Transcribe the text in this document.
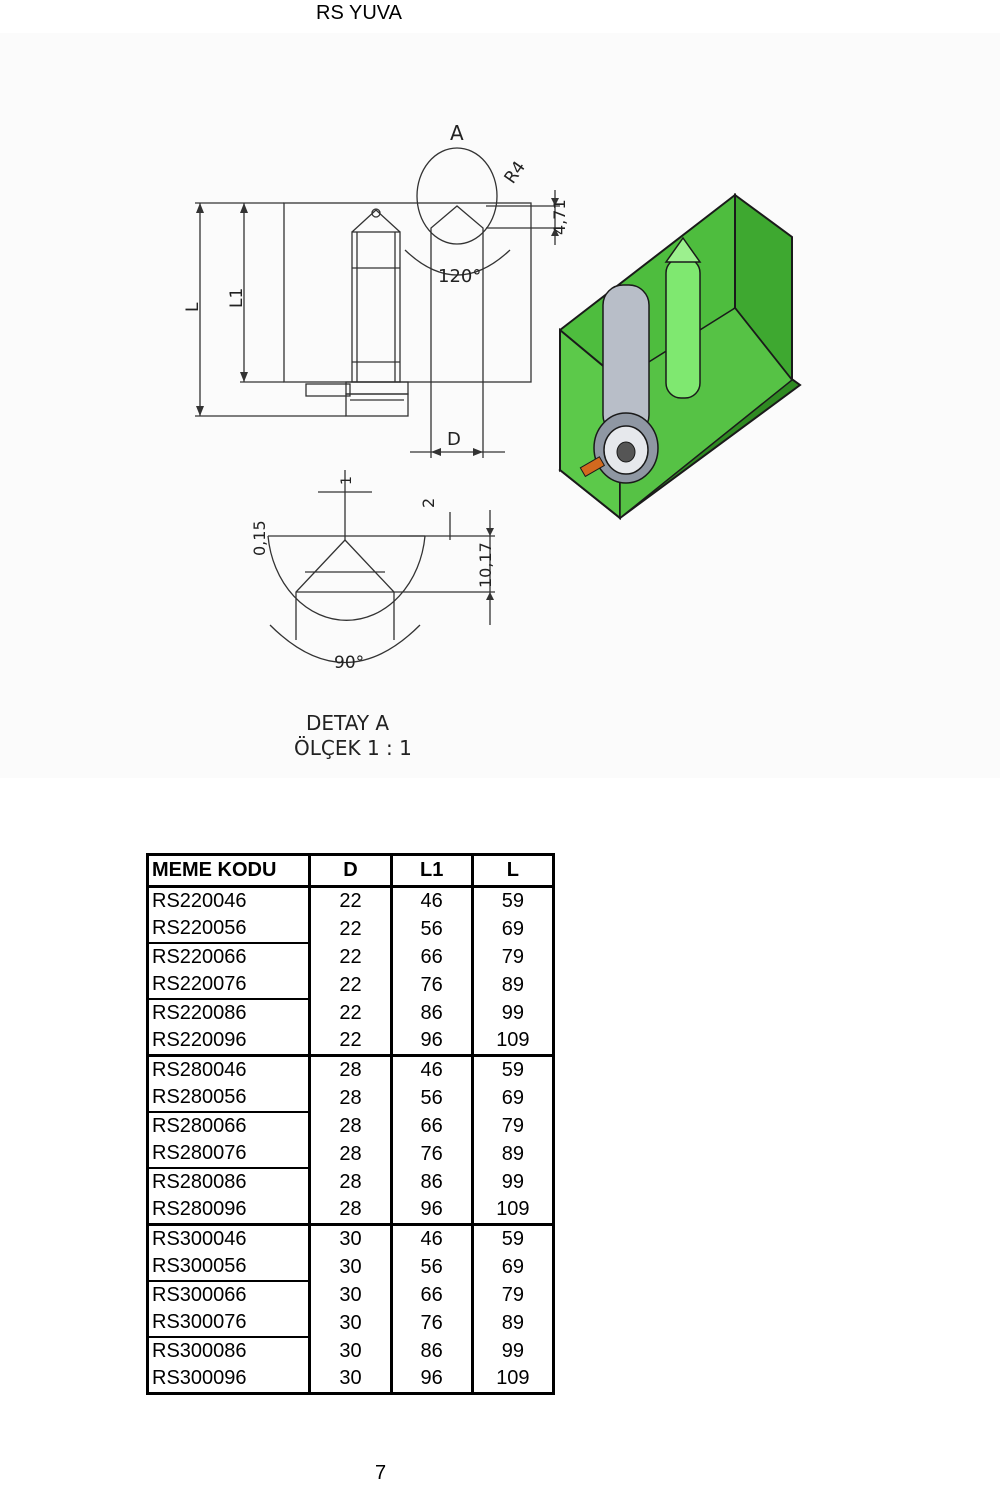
RS YUVA
A
R4
4,71
120°
L L1
D
1
2
0,15
10,17
90°
DETAY A
ÖLÇEK 1 : 1
MEME KODU	D	L1	L
RS220046	22	46	59
RS220056	22	56	69
RS220066	22	66	79
RS220076	22	76	89
RS220086	22	86	99
RS220096	22	96	109
RS280046	28	46	59
RS280056	28	56	69
RS280066	28	66	79
RS280076	28	76	89
RS280086	28	86	99
RS280096	28	96	109
RS300046	30	46	59
RS300056	30	56	69
RS300066	30	66	79
RS300076	30	76	89
RS300086	30	86	99
RS300096	30	96	109
7
